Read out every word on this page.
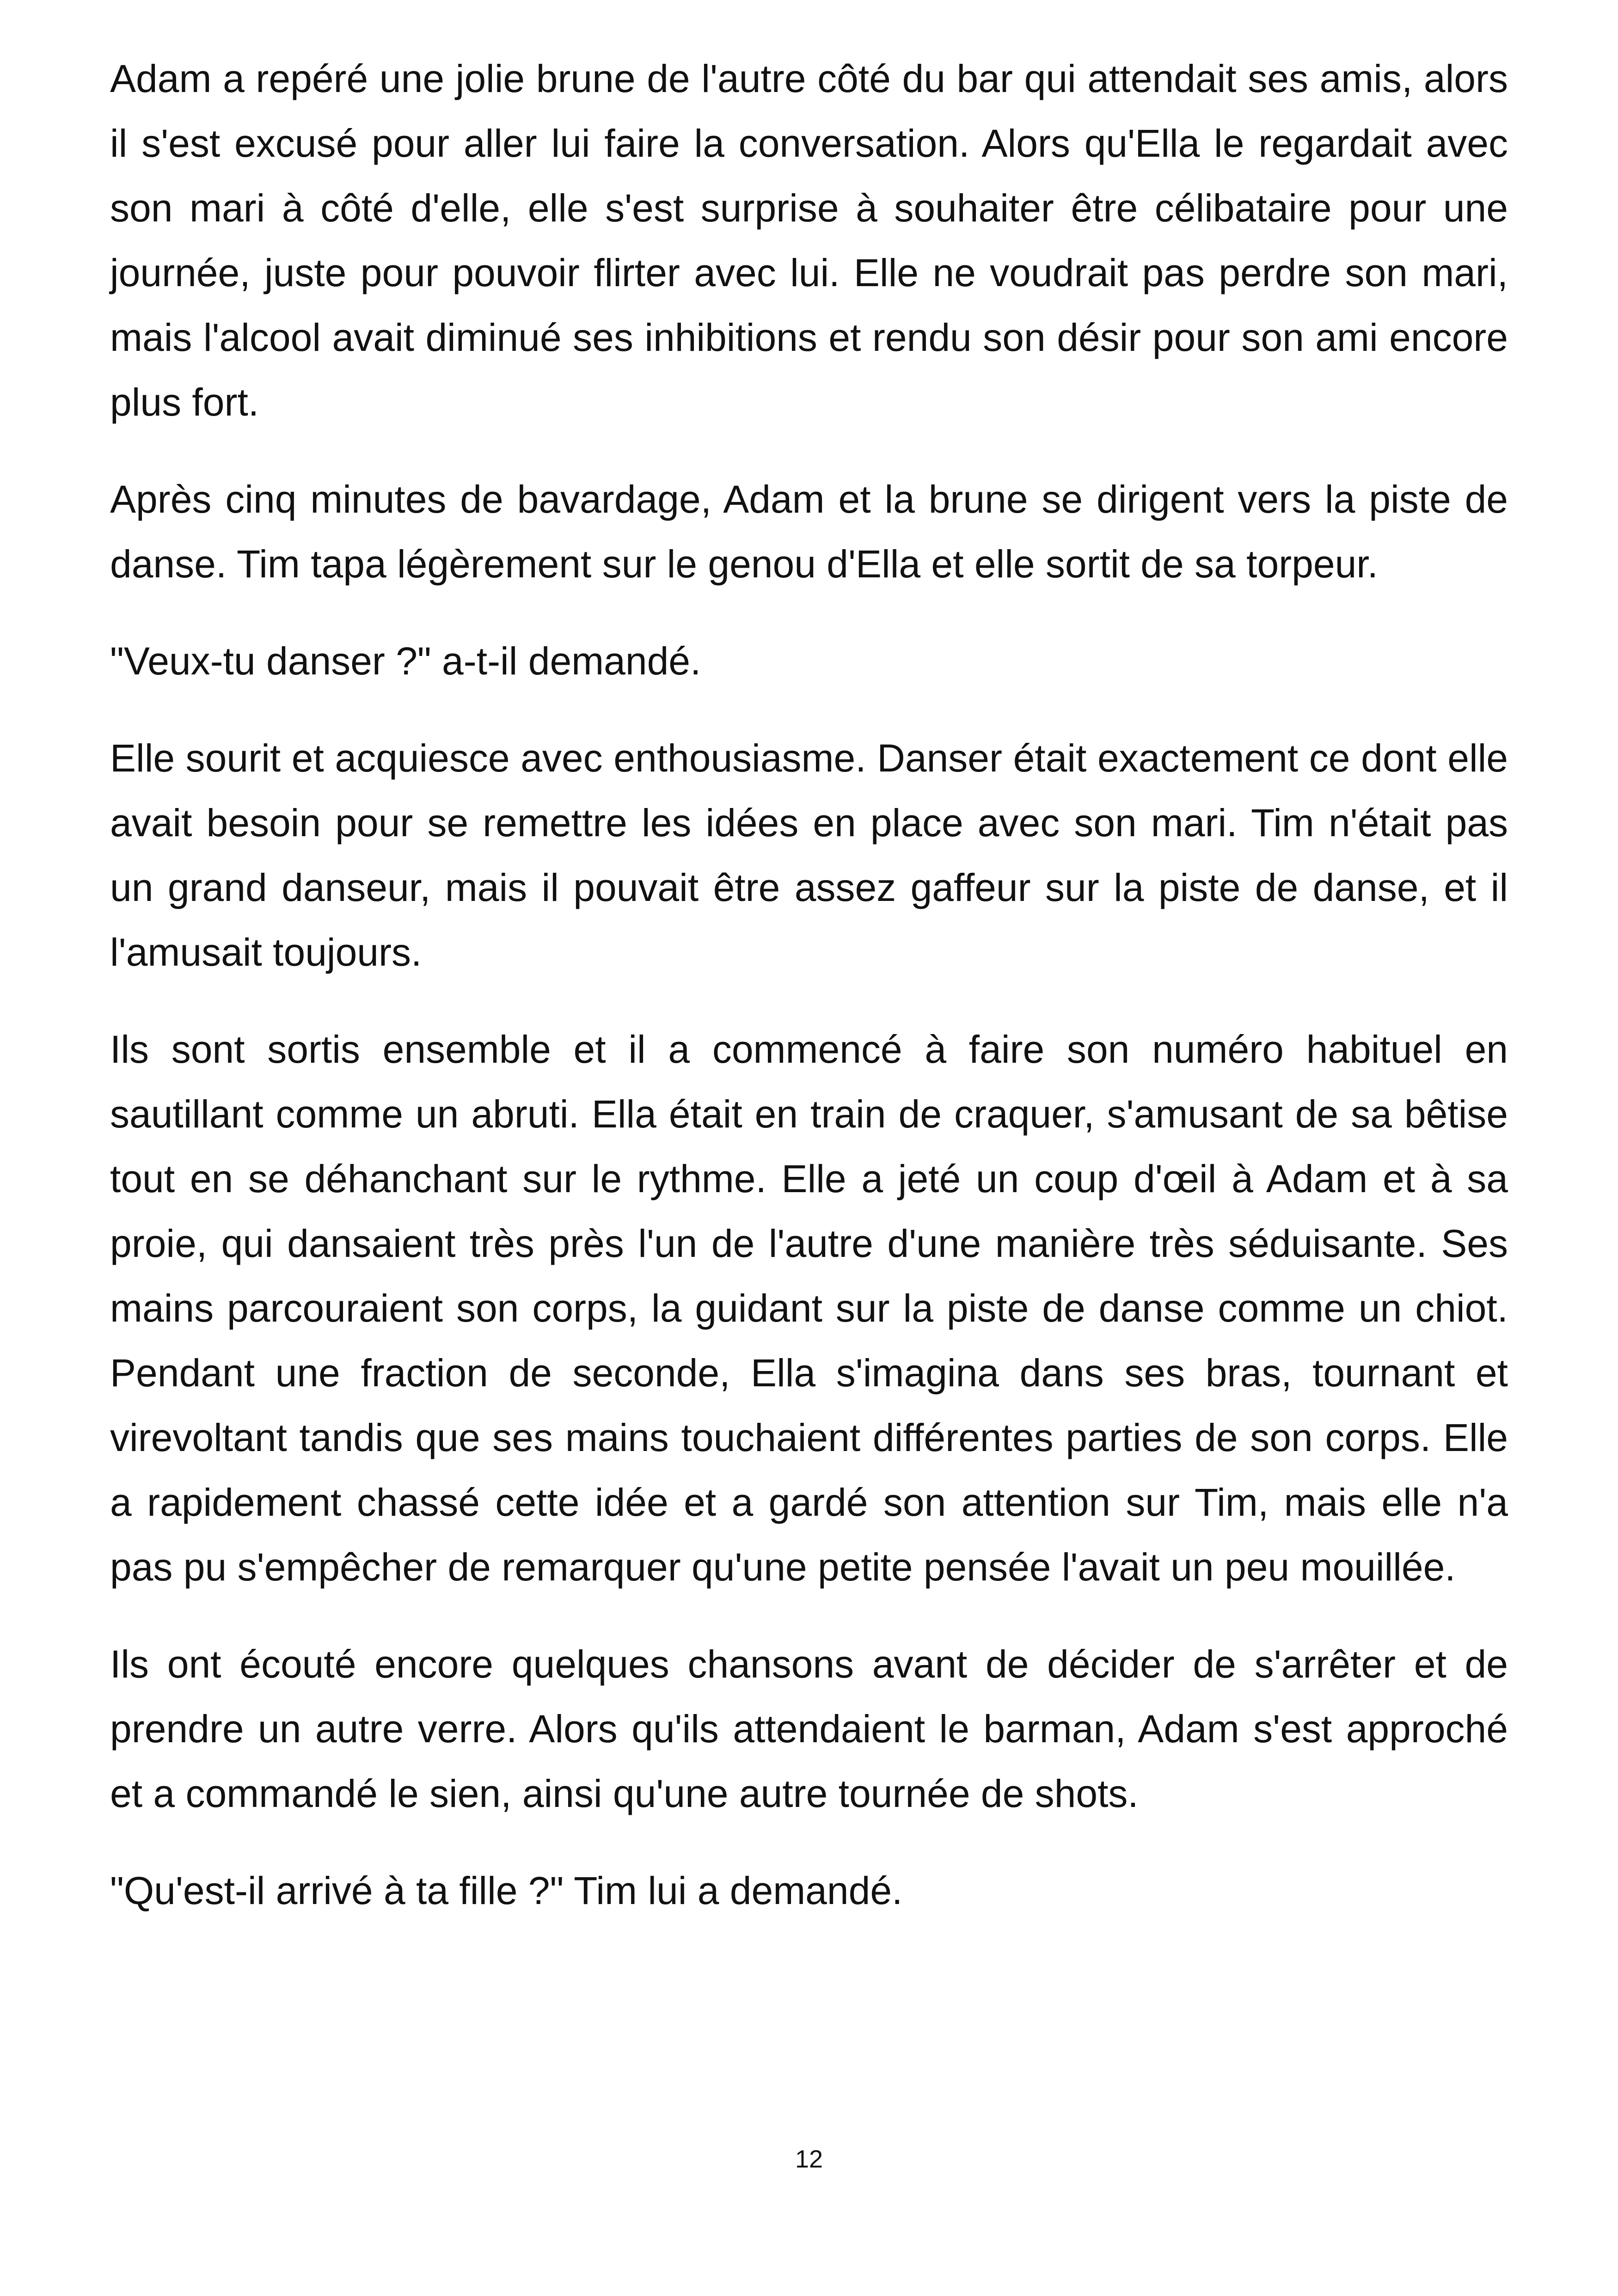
Adam a repéré une jolie brune de l'autre côté du bar qui attendait ses amis, alors il s'est excusé pour aller lui faire la conversation. Alors qu'Ella le regardait avec son mari à côté d'elle, elle s'est surprise à souhaiter être célibataire pour une journée, juste pour pouvoir flirter avec lui. Elle ne voudrait pas perdre son mari, mais l'alcool avait diminué ses inhibitions et rendu son désir pour son ami encore plus fort.

Après cinq minutes de bavardage, Adam et la brune se dirigent vers la piste de danse. Tim tapa légèrement sur le genou d'Ella et elle sortit de sa torpeur.

"Veux-tu danser ?" a-t-il demandé.

Elle sourit et acquiesce avec enthousiasme. Danser était exactement ce dont elle avait besoin pour se remettre les idées en place avec son mari. Tim n'était pas un grand danseur, mais il pouvait être assez gaffeur sur la piste de danse, et il l'amusait toujours.

Ils sont sortis ensemble et il a commencé à faire son numéro habituel en sautillant comme un abruti. Ella était en train de craquer, s'amusant de sa bêtise tout en se déhanchant sur le rythme. Elle a jeté un coup d'œil à Adam et à sa proie, qui dansaient très près l'un de l'autre d'une manière très séduisante. Ses mains parcouraient son corps, la guidant sur la piste de danse comme un chiot. Pendant une fraction de seconde, Ella s'imagina dans ses bras, tournant et virevoltant tandis que ses mains touchaient différentes parties de son corps. Elle a rapidement chassé cette idée et a gardé son attention sur Tim, mais elle n'a pas pu s'empêcher de remarquer qu'une petite pensée l'avait un peu mouillée.

Ils ont écouté encore quelques chansons avant de décider de s'arrêter et de prendre un autre verre. Alors qu'ils attendaient le barman, Adam s'est approché et a commandé le sien, ainsi qu'une autre tournée de shots.

"Qu'est-il arrivé à ta fille ?" Tim lui a demandé.

12
